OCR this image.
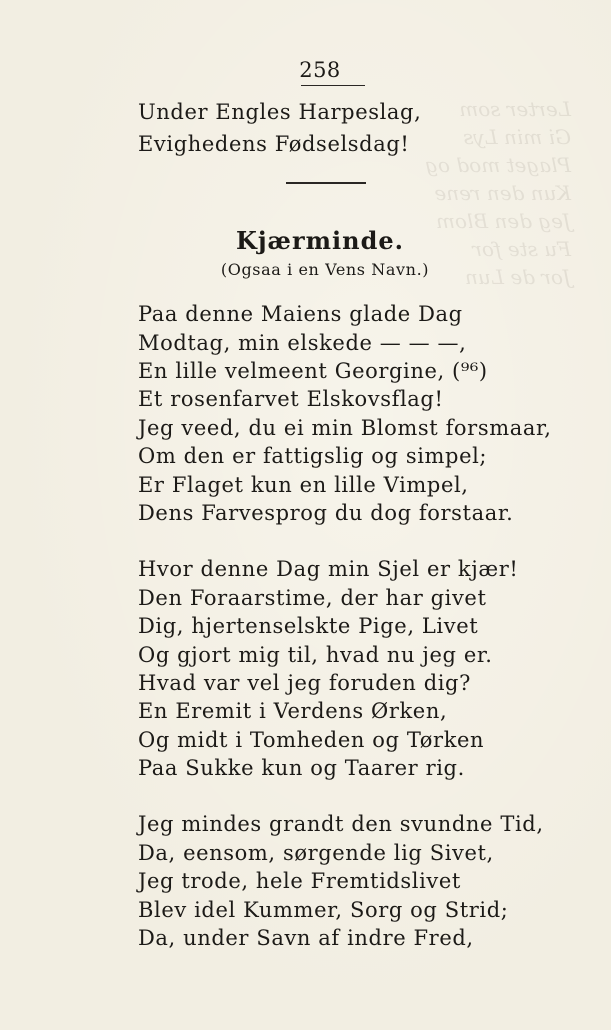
Lerter som
Gi min Lys
Plaget mod og
Kun den rene
Jeg den Blom
Fu ste for
Jor de Lun
258
Under Engles Harpeslag,
Evighedens Fødselsdag!
Kjærminde.
(Ogsaa i en Vens Navn.)
Paa denne Maiens glade Dag
Modtag, min elskede — — —,
En lille velmeent Georgine, (⁹⁶)
Et rosenfarvet Elskovsflag!
Jeg veed, du ei min Blomst forsmaar,
Om den er fattigslig og simpel;
Er Flaget kun en lille Vimpel,
Dens Farvesprog du dog forstaar.
Hvor denne Dag min Sjel er kjær!
Den Foraarstime, der har givet
Dig, hjertenselskte Pige, Livet
Og gjort mig til, hvad nu jeg er.
Hvad var vel jeg foruden dig?
En Eremit i Verdens Ørken,
Og midt i Tomheden og Tørken
Paa Sukke kun og Taarer rig.
Jeg mindes grandt den svundne Tid,
Da, eensom, sørgende lig Sivet,
Jeg trode, hele Fremtidslivet
Blev idel Kummer, Sorg og Strid;
Da, under Savn af indre Fred,
